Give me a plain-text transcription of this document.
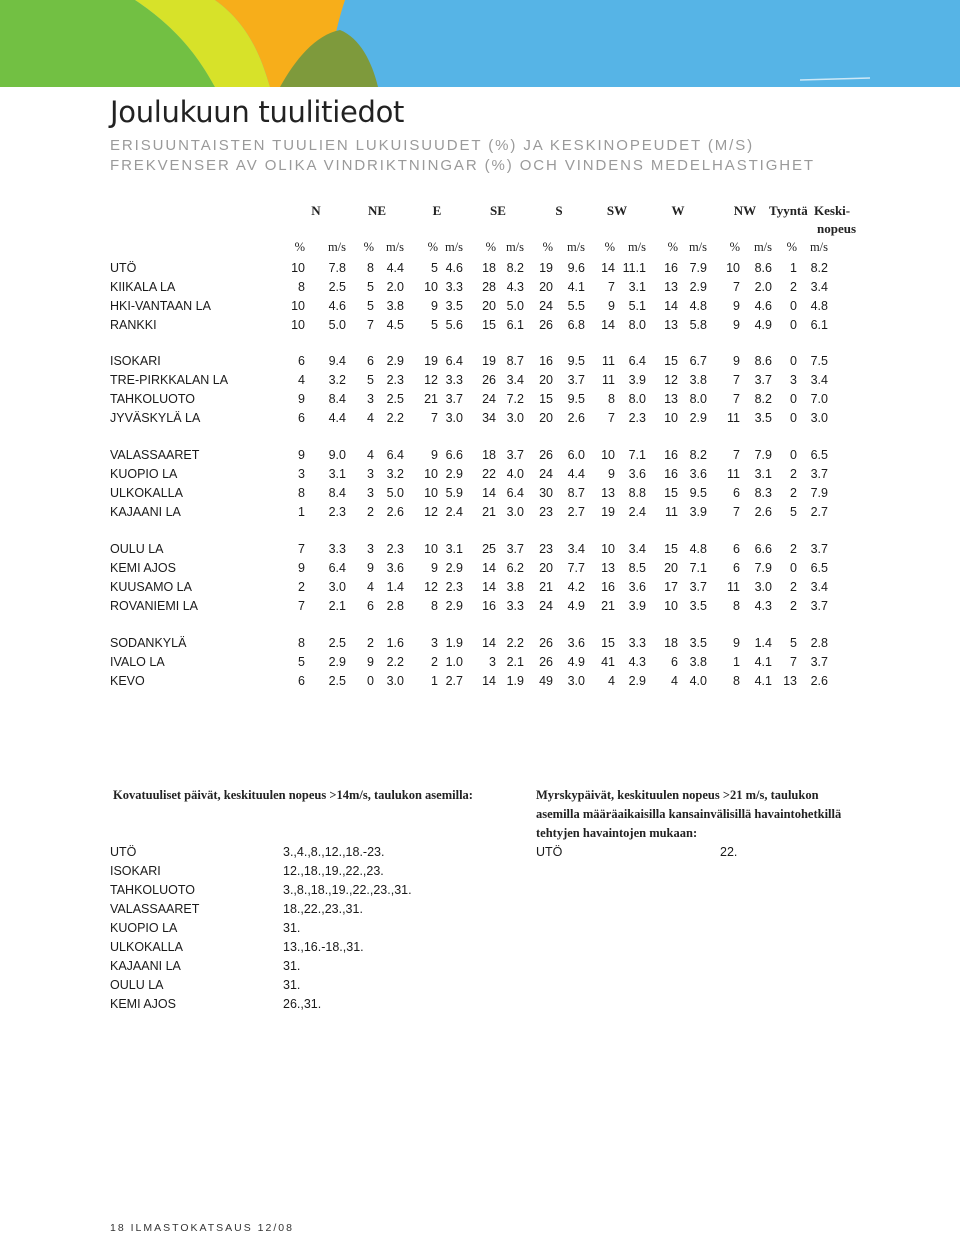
Joulukuun tuulitiedot
ERISUUNTAISTEN TUULIEN LUKUISUUDET (%) JA KESKINOPEUDET (M/S)
FREKVENSER AV OLIKA VINDRIKTNINGAR (%) OCH VINDENS MEDELHASTIGHET
N	NE	E	SE	S	SW	W	NW Tyyntä Keski-
nopeus
%	m/s	% m/s	% m/s	% m/s	%	m/s	%	m/s	% m/s	%	m/s	%	m/s
UTÖ	10	7.8	8	4.4	5 4.6	18 8.2	19	9.6	14 11.1	16 7.9	10	8.6	1	8.2
KIIKALA LA	8	2.5	5	2.0	10 3.3	28 4.3	20	4.1	7	3.1	13 2.9	7	2.0	2	3.4
HKI-VANTAAN LA	10	4.6	5	3.8	9 3.5	20 5.0	24	5.5	9	5.1	14 4.8	9	4.6	0	4.8
RANKKI	10	5.0	7	4.5	5 5.6	15 6.1	26	6.8	14	8.0	13 5.8	9	4.9	0	6.1
ISOKARI	6	9.4	6	2.9	19 6.4	19 8.7	16	9.5	11	6.4	15 6.7	9	8.6	0	7.5
TRE-PIRKKALAN LA	4	3.2	5	2.3	12 3.3	26 3.4	20	3.7	11	3.9	12 3.8	7	3.7	3	3.4
TAHKOLUOTO	9	8.4	3	2.5	21 3.7	24 7.2	15	9.5	8	8.0	13 8.0	7	8.2	0	7.0
JYVÄSKYLÄ LA	6	4.4	4	2.2	7 3.0	34 3.0	20	2.6	7	2.3	10 2.9	11	3.5	0	3.0
VALASSAARET	9	9.0	4	6.4	9 6.6	18 3.7	26	6.0	10	7.1	16 8.2	7	7.9	0	6.5
KUOPIO LA	3	3.1	3	3.2	10 2.9	22 4.0	24	4.4	9	3.6	16 3.6	11	3.1	2	3.7
ULKOKALLA	8	8.4	3	5.0	10 5.9	14 6.4	30	8.7	13	8.8	15 9.5	6	8.3	2	7.9
KAJAANI LA	1	2.3	2	2.6	12 2.4	21 3.0	23	2.7	19	2.4	11 3.9	7	2.6	5	2.7
OULU LA	7	3.3	3	2.3	10 3.1	25 3.7	23	3.4	10	3.4	15 4.8	6	6.6	2	3.7
KEMI AJOS	9	6.4	9	3.6	9 2.9	14 6.2	20	7.7	13	8.5	20 7.1	6	7.9	0	6.5
KUUSAMO LA	2	3.0	4	1.4	12 2.3	14 3.8	21	4.2	16	3.6	17 3.7	11	3.0	2	3.4
ROVANIEMI LA	7	2.1	6	2.8	8 2.9	16 3.3	24	4.9	21	3.9	10 3.5	8	4.3	2	3.7
SODANKYLÄ	8	2.5	2	1.6	3 1.9	14 2.2	26	3.6	15	3.3	18 3.5	9	1.4	5	2.8
IVALO LA	5	2.9	9	2.2	2 1.0	3 2.1	26	4.9	41	4.3	6 3.8	1	4.1	7	3.7
KEVO	6	2.5	0	3.0	1 2.7	14 1.9	49	3.0	4	2.9	4 4.0	8	4.1 13	2.6
Kovatuuliset päivät, keskituulen nopeus >14m/s, taulukon asemilla:
UTÖ	3.,4.,8.,12.,18.-23.
ISOKARI	12.,18.,19.,22.,23.
TAHKOLUOTO	3.,8.,18.,19.,22.,23.,31.
VALASSAARET	18.,22.,23.,31.
KUOPIO LA	31.
ULKOKALLA	13.,16.-18.,31.
KAJAANI LA	31.
OULU LA	31.
KEMI AJOS	26.,31.
Myrskypäivät, keskituulen nopeus >21 m/s, taulukon
asemilla määräaikaisilla kansainvälisillä havaintohetkillä
tehtyjen havaintojen mukaan:
UTÖ	22.
18 ILMASTOKATSAUS 12/08
